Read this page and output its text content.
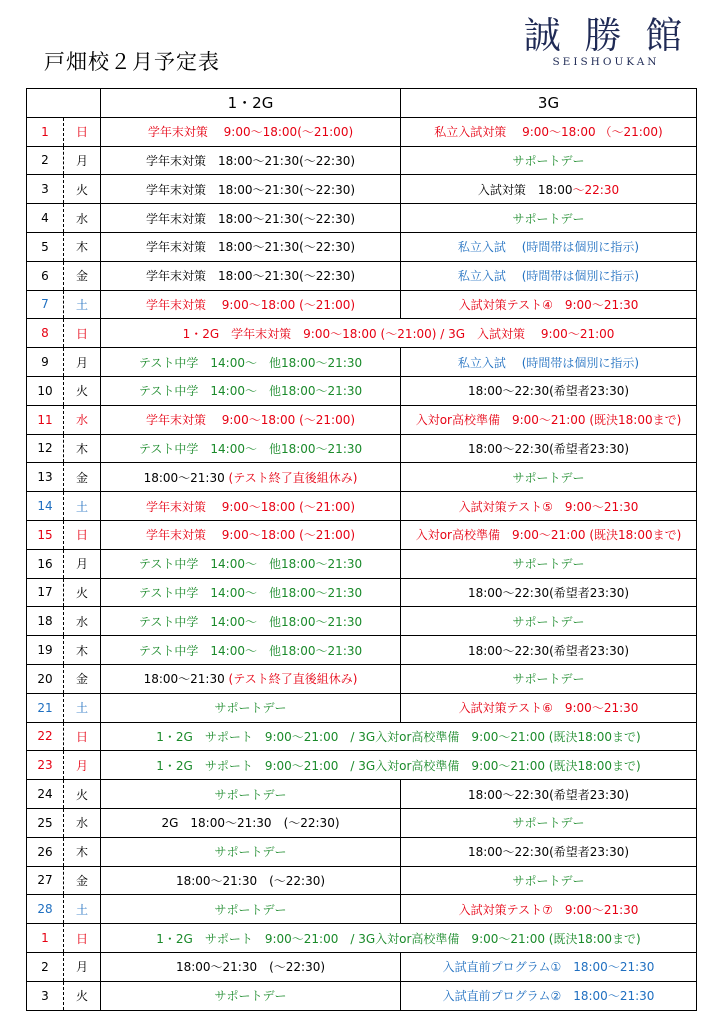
戸畑校２月予定表
誠 勝 館
SEISHOUKAN
		1・2G	3G
1	日	学年末対策　 9:00～18:00(～21:00)	私立入試対策　 9:00～18:00 （～21:00)
2	月	学年末対策　18:00～21:30(～22:30)	サポートデー
3	火	学年末対策　18:00～21:30(～22:30)	入試対策　18:00～22:30
4	水	学年末対策　18:00～21:30(～22:30)	サポートデー
5	木	学年末対策　18:00～21:30(～22:30)	私立入試　 (時間帯は個別に指示)
6	金	学年末対策　18:00～21:30(～22:30)	私立入試　 (時間帯は個別に指示)
7	土	学年末対策　 9:00～18:00 (～21:00)	入試対策テスト④　9:00～21:30
8	日	1・2G　学年末対策　9:00～18:00 (～21:00) / 3G　入試対策　 9:00～21:00	
9	月	テスト中学　14:00～　他18:00～21:30	私立入試　 (時間帯は個別に指示)
10	火	テスト中学　14:00～　他18:00～21:30	18:00～22:30(希望者23:30)
11	水	学年末対策　 9:00～18:00 (～21:00)	入対or高校準備　9:00～21:00 (既決18:00まで)
12	木	テスト中学　14:00～　他18:00～21:30	18:00～22:30(希望者23:30)
13	金	18:00～21:30 (テスト終了直後組休み)	サポートデー
14	土	学年末対策　 9:00～18:00 (～21:00)	入試対策テスト⑤　9:00～21:30
15	日	学年末対策　 9:00～18:00 (～21:00)	入対or高校準備　9:00～21:00 (既決18:00まで)
16	月	テスト中学　14:00～　他18:00～21:30	サポートデー
17	火	テスト中学　14:00～　他18:00～21:30	18:00～22:30(希望者23:30)
18	水	テスト中学　14:00～　他18:00～21:30	サポートデー
19	木	テスト中学　14:00～　他18:00～21:30	18:00～22:30(希望者23:30)
20	金	18:00～21:30 (テスト終了直後組休み)	サポートデー
21	土	サポートデー	入試対策テスト⑥　9:00～21:30
22	日	1・2G　サポート　9:00～21:00　/ 3G入対or高校準備　9:00～21:00 (既決18:00まで)	
23	月	1・2G　サポート　9:00～21:00　/ 3G入対or高校準備　9:00～21:00 (既決18:00まで)	
24	火	サポートデー	18:00～22:30(希望者23:30)
25	水	2G　18:00～21:30　(～22:30)	サポートデー
26	木	サポートデー	18:00～22:30(希望者23:30)
27	金	18:00～21:30　(～22:30)	サポートデー
28	土	サポートデー	入試対策テスト⑦　9:00～21:30
1	日	1・2G　サポート　9:00～21:00　/ 3G入対or高校準備　9:00～21:00 (既決18:00まで)	
2	月	18:00～21:30　(～22:30)	入試直前プログラム①　18:00～21:30
3	火	サポートデー	入試直前プログラム②　18:00～21:30
